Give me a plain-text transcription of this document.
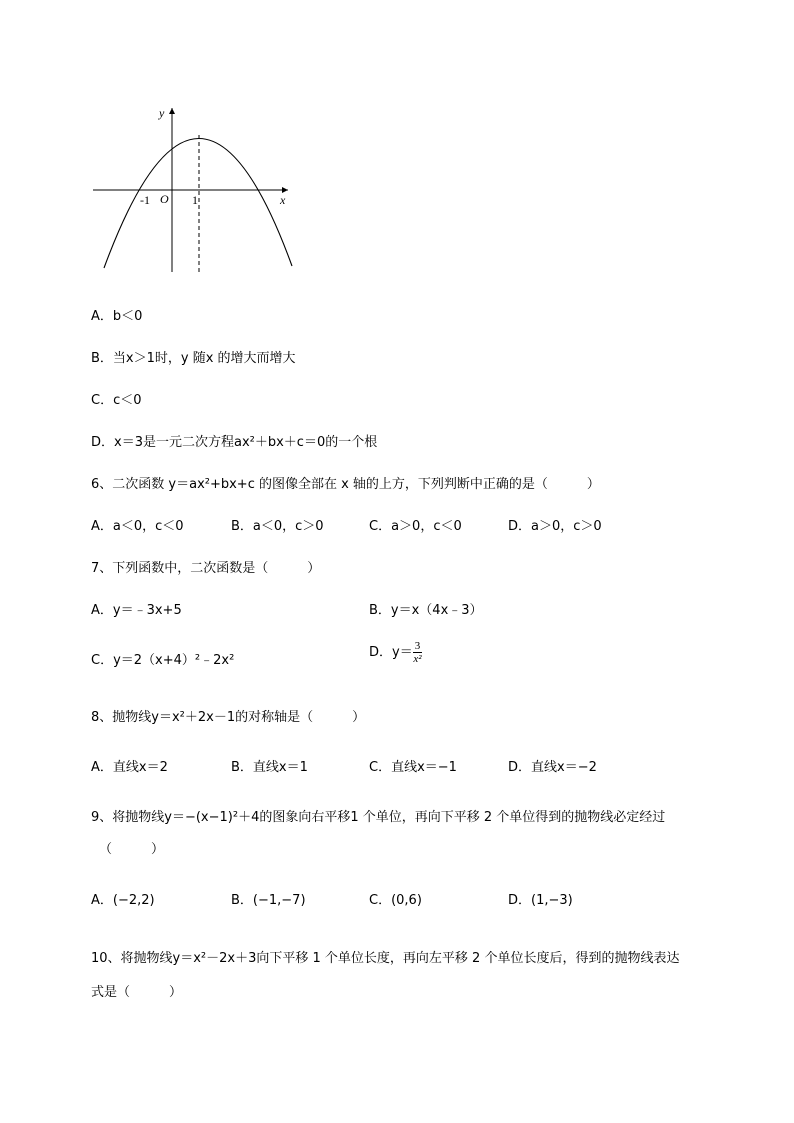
y
x
O
-1	1
A．b＜0
B．当x＞1时，y 随x 的增大而增大
C．c＜0
D．x＝3是一元二次方程ax²＋bx＋c＝0的一个根
6、二次函数 y＝ax²+bx+c 的图像全部在 x 轴的上方，下列判断中正确的是（　　　）
A．a＜0，c＜0	B．a＜0，c＞0	C．a＞0，c＜0	D．a＞0，c＞0
7、下列函数中，二次函数是（　　　）
A．y＝﹣3x+5	B．y＝x（4x﹣3）
C．y＝2（x+4）²﹣2x²
D．$y= \frac{3}{\text{x²}}$
8、抛物线y＝x²＋2x－1的对称轴是（　　　）
A．直线x＝2	B．直线x＝1	C．直线x＝−1	D．直线x＝−2
9、将抛物线y＝−(x−1)²＋4的图象向右平移1 个单位，再向下平移 2 个单位得到的抛物线必定经过
（　　　）
A．(−2,2)	B．(−1,−7)	C．(0,6)	D．(1,−3)
10、将抛物线y＝x²－2x＋3向下平移 1 个单位长度，再向左平移 2 个单位长度后，得到的抛物线表达
式是（　　　）
